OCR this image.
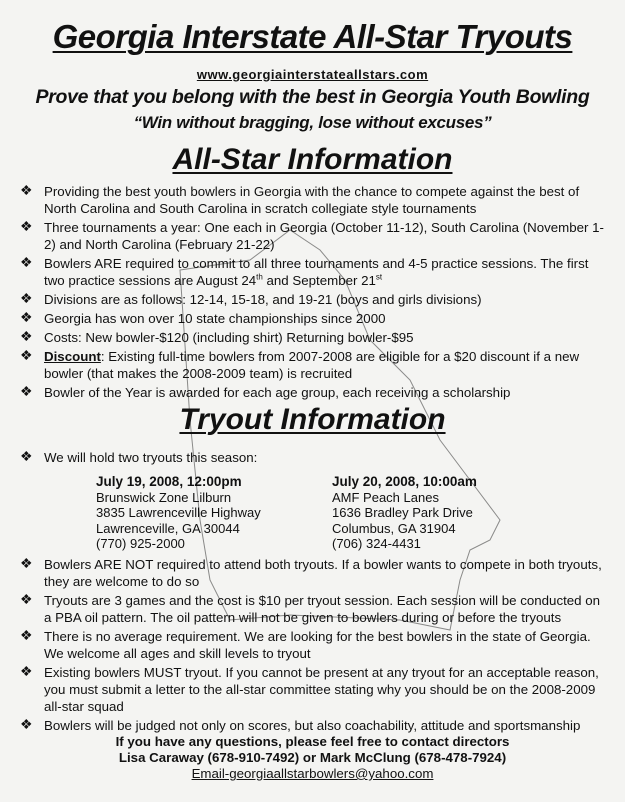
Georgia Interstate All-Star Tryouts
www.georgiainterstateallstars.com
Prove that you belong with the best in Georgia Youth Bowling
“Win without bragging, lose without excuses”
All-Star Information
❖ Providing the best youth bowlers in Georgia with the chance to compete against the best of North Carolina and South Carolina in scratch collegiate style tournaments
❖ Three tournaments a year: One each in Georgia (October 11-12), South Carolina (November 1-2) and North Carolina (February 21-22)
❖ Bowlers ARE required to commit to all three tournaments and 4-5 practice sessions. The first two practice sessions are August 24th and September 21st
❖ Divisions are as follows: 12-14, 15-18, and 19-21 (boys and girls divisions)
❖ Georgia has won over 10 state championships since 2000
❖ Costs: New bowler-$120 (including shirt) Returning bowler-$95
❖ Discount: Existing full-time bowlers from 2007-2008 are eligible for a $20 discount if a new bowler (that makes the 2008-2009 team) is recruited
❖ Bowler of the Year is awarded for each age group, each receiving a scholarship
Tryout Information
❖ We will hold two tryouts this season:
July 19, 2008, 12:00pm
Brunswick Zone Lilburn
3835 Lawrenceville Highway
Lawrenceville, GA 30044
(770) 925-2000
July 20, 2008, 10:00am
AMF Peach Lanes
1636 Bradley Park Drive
Columbus, GA 31904
(706) 324-4431
❖ Bowlers ARE NOT required to attend both tryouts. If a bowler wants to compete in both tryouts, they are welcome to do so
❖ Tryouts are 3 games and the cost is $10 per tryout session. Each session will be conducted on a PBA oil pattern. The oil pattern will not be given to bowlers during or before the tryouts
❖ There is no average requirement. We are looking for the best bowlers in the state of Georgia. We welcome all ages and skill levels to tryout
❖ Existing bowlers MUST tryout. If you cannot be present at any tryout for an acceptable reason, you must submit a letter to the all-star committee stating why you should be on the 2008-2009 all-star squad
❖ Bowlers will be judged not only on scores, but also coachability, attitude and sportsmanship
If you have any questions, please feel free to contact directors
Lisa Caraway (678-910-7492) or Mark McClung (678-478-7924)
Email-georgiaallstarbowlers@yahoo.com
